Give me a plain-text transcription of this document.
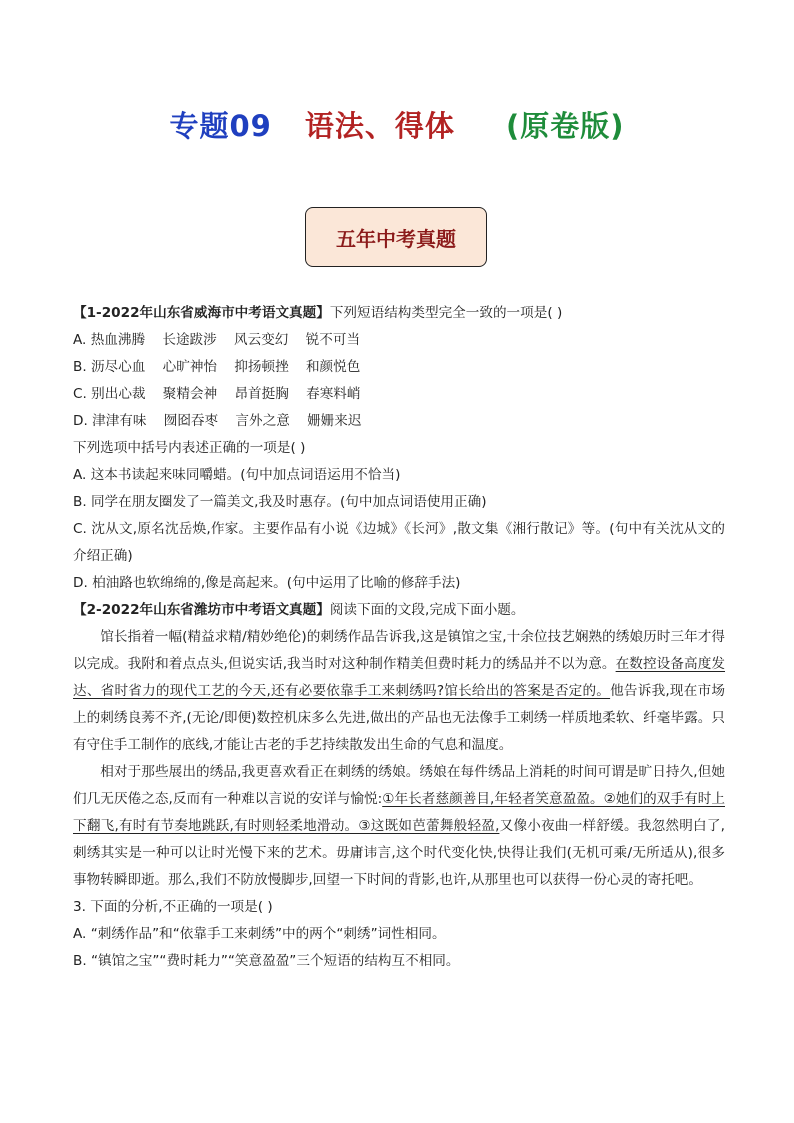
专题09 语法、得体 (原卷版)
五年中考真题
【1-2022年山东省威海市中考语文真题】下列短语结构类型完全一致的一项是( )
A. 热血沸腾    长途跋涉    风云变幻    锐不可当
B. 沥尽心血    心旷神怡    抑扬顿挫    和颜悦色
C. 别出心裁    聚精会神    昂首挺胸    春寒料峭
D. 津津有味    囫囵吞枣    言外之意    姗姗来迟
下列选项中括号内表述正确的一项是( )
A. 这本书读起来味同嚼蜡。(句中加点词语运用不恰当)
B. 同学在朋友圈发了一篇美文,我及时惠存。(句中加点词语使用正确)
C. 沈从文,原名沈岳焕,作家。主要作品有小说《边城》《长河》,散文集《湘行散记》等。(句中有关沈从文的介绍正确)
D. 柏油路也软绵绵的,像是高起来。(句中运用了比喻的修辞手法)
【2-2022年山东省潍坊市中考语文真题】阅读下面的文段,完成下面小题。
馆长指着一幅(精益求精/精妙绝伦)的刺绣作品告诉我,这是镇馆之宝,十余位技艺娴熟的绣娘历时三年才得以完成。我附和着点点头,但说实话,我当时对这种制作精美但费时耗力的绣品并不以为意。在数控设备高度发达、省时省力的现代工艺的今天,还有必要依靠手工来刺绣吗?馆长给出的答案是否定的。他告诉我,现在市场上的刺绣良莠不齐,(无论/即便)数控机床多么先进,做出的产品也无法像手工刺绣一样质地柔软、纤毫毕露。只有守住手工制作的底线,才能让古老的手艺持续散发出生命的气息和温度。
相对于那些展出的绣品,我更喜欢看正在刺绣的绣娘。绣娘在每件绣品上消耗的时间可谓是旷日持久,但她们几无厌倦之态,反而有一种难以言说的安详与愉悦:①年长者慈颜善目,年轻者笑意盈盈。②她们的双手有时上下翻飞,有时有节奏地跳跃,有时则轻柔地滑动。③这既如芭蕾舞般轻盈,又像小夜曲一样舒缓。我忽然明白了,刺绣其实是一种可以让时光慢下来的艺术。毋庸讳言,这个时代变化快,快得让我们(无机可乘/无所适从),很多事物转瞬即逝。那么,我们不防放慢脚步,回望一下时间的背影,也许,从那里也可以获得一份心灵的寄托吧。
3. 下面的分析,不正确的一项是( )
A. “刺绣作品”和“依靠手工来刺绣”中的两个“刺绣”词性相同。
B. “镇馆之宝”“费时耗力”“笑意盈盈”三个短语的结构互不相同。
